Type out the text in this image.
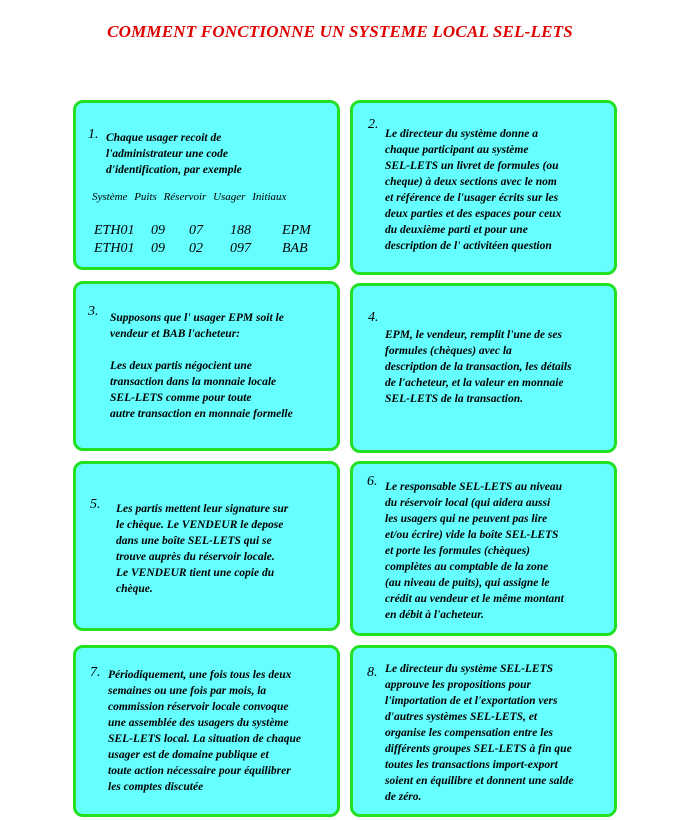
COMMENT FONCTIONNE UN SYSTEME LOCAL SEL-LETS
1. Chaque usager recoit de
l'administrateur une code
d'identification, par exemple
Système Puits Réservoir Usager Initiaux
ETH01 09 07 188 EPM
ETH01 09 02 097 BAB
2.
Le directeur du système donne a
chaque participant au système
SEL-LETS un livret de formules (ou
cheque) à deux sections avec le nom
et référence de l'usager écrits sur les
deux parties et des espaces pour ceux
du deuxième parti et pour une
description de l' activitéen question
3. Supposons que l' usager EPM soit le
vendeur et BAB l'acheteur:

Les deux partis négocient une
transaction dans la monnaie locale
SEL-LETS comme pour toute
autre transaction en monnaie formelle
4.
EPM, le vendeur, remplit l'une de ses
formules (chèques) avec la
description de la transaction, les détails
de l'acheteur, et la valeur en monnaie
SEL-LETS de la transaction.
5. Les partis mettent leur signature sur
le chèque. Le VENDEUR le depose
dans une boîte SEL-LETS qui se
trouve auprès du réservoir locale.
Le VENDEUR tient une copie du
chèque.
6. Le responsable SEL-LETS au niveau
du réservoir local (qui aidera aussi
les usagers qui ne peuvent pas lire
et/ou écrire) vide la boîte SEL-LETS
et porte les formules (chèques)
complètes au comptable de la zone
(au niveau de puits), qui assigne le
crédit au vendeur et le même montant
en débit à l'acheteur.
7. Périodiquement, une fois tous les deux
semaines ou une fois par mois, la
commission réservoir locale convoque
une assemblée des usagers du système
SEL-LETS local. La situation de chaque
usager est de domaine publique et
toute action nécessaire pour équilibrer
les comptes discutée
8. Le directeur du système SEL-LETS
approuve les propositions pour
l'importation de et l'exportation vers
d'autres systèmes SEL-LETS, et
organise les compensation entre les
différents groupes SEL-LETS à fin que
toutes les transactions import-export
soient en équilibre et donnent une salde
de zéro.
